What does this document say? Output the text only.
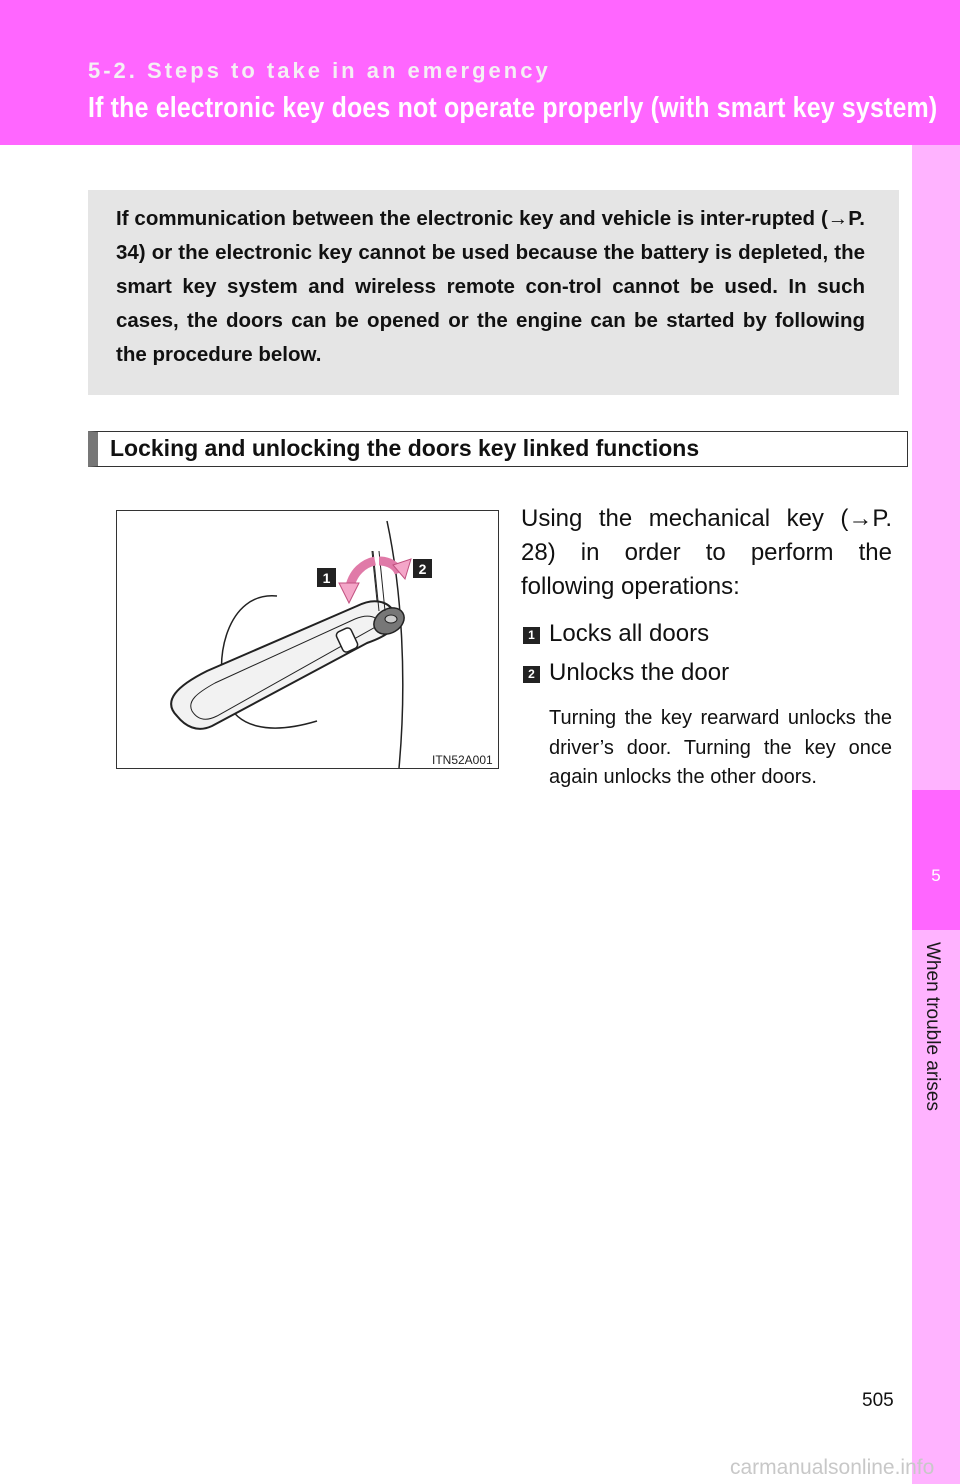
5-2. Steps to take in an emergency
If the electronic key does not operate properly (with smart key system)
5
When trouble arises

If communication between the electronic key and vehicle is inter-rupted (→P. 34) or the electronic key cannot be used because the battery is depleted, the smart key system and wireless remote con-trol cannot be used. In such cases, the doors can be opened or the engine can be started by following the procedure below.

Locking and unlocking the doors key linked functions
1
2
ITN52A001

Using the mechanical key (→P. 28) in order to perform the following operations:

1 Locks all doors
2 Unlocks the door

Turning the key rearward unlocks the driver’s door. Turning the key once again unlocks the other doors.

505
carmanualsonline.info
